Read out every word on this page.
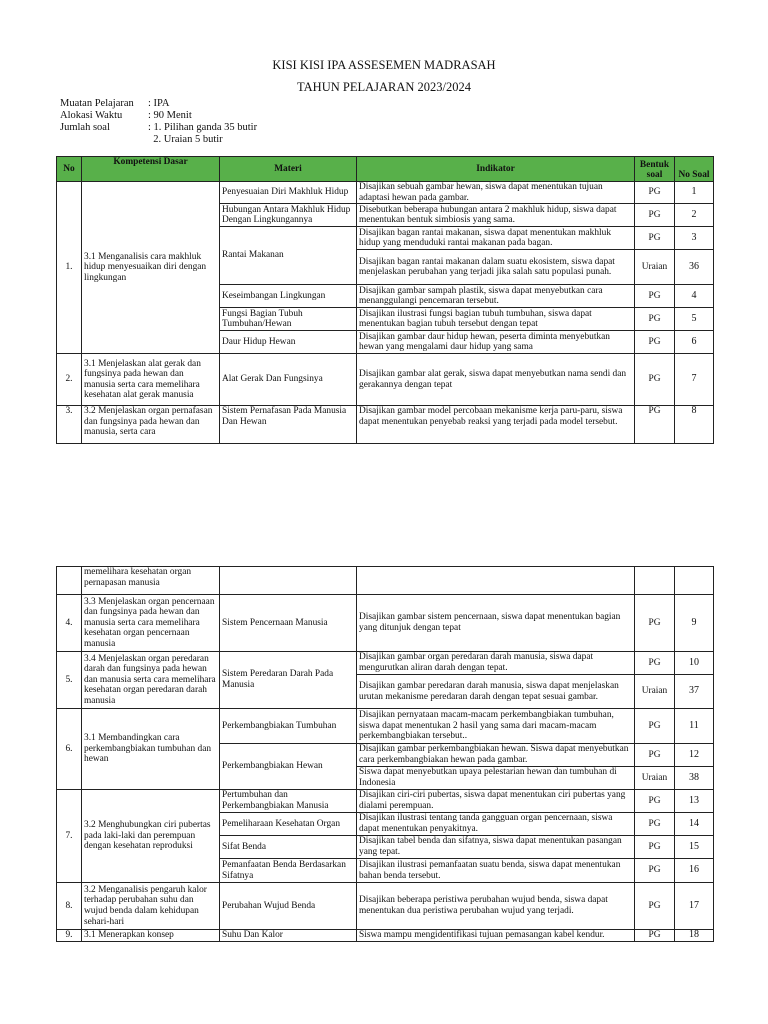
KISI KISI IPA ASSESEMEN MADRASAH
TAHUN PELAJARAN 2023/2024
Muatan Pelajaran	: IPA
Alokasi Waktu	: 90 Menit
Jumlah soal	: 1. Pilihan ganda 35 butir
2. Uraian 5 butir
No	Kompetensi Dasar	Materi	Indikator	Bentuk soal	No Soal
1.	3.1 Menganalisis cara makhluk hidup menyesuaikan diri dengan lingkungan	Penyesuaian Diri Makhluk Hidup	Disajikan sebuah gambar hewan, siswa dapat menentukan tujuan adaptasi hewan pada gambar.	PG	1
		Hubungan Antara Makhluk Hidup Dengan Lingkungannya	Disebutkan beberapa hubungan antara 2 makhluk hidup, siswa dapat menentukan bentuk simbiosis yang sama.	PG	2
		Rantai Makanan	Disajikan bagan rantai makanan, siswa dapat menentukan makhluk hidup yang menduduki rantai makanan pada bagan.	PG	3
			Disajikan bagan rantai makanan dalam suatu ekosistem, siswa dapat menjelaskan perubahan yang terjadi jika salah satu populasi punah.	Uraian	36
		Keseimbangan Lingkungan	Disajikan gambar sampah plastik, siswa dapat menyebutkan cara menanggulangi pencemaran tersebut.	PG	4
		Fungsi Bagian Tubuh Tumbuhan/Hewan	Disajikan ilustrasi fungsi bagian tubuh tumbuhan, siswa dapat menentukan bagian tubuh tersebut dengan tepat	PG	5
		Daur Hidup Hewan	Disajikan gambar daur hidup hewan, peserta diminta menyebutkan hewan yang mengalami daur hidup yang sama	PG	6
2.	3.1 Menjelaskan alat gerak dan fungsinya pada hewan dan manusia serta cara memelihara kesehatan alat gerak manusia	Alat Gerak Dan Fungsinya	Disajikan gambar alat gerak, siswa dapat menyebutkan nama sendi dan gerakannya dengan tepat	PG	7
3.	3.2 Menjelaskan organ pernafasan dan fungsinya pada hewan dan manusia, serta cara	Sistem Pernafasan Pada Manusia Dan Hewan	Disajikan gambar model percobaan mekanisme kerja paru-paru, siswa dapat menentukan penyebab reaksi yang terjadi pada model tersebut.	PG	8
	memelihara kesehatan organ pernapasan manusia				
4.	3.3 Menjelaskan organ pencernaan dan fungsinya pada hewan dan manusia serta cara memelihara kesehatan organ pencernaan manusia	Sistem Pencernaan Manusia	Disajikan gambar sistem pencernaan, siswa dapat menentukan bagian yang ditunjuk dengan tepat	PG	9
5.	3.4 Menjelaskan organ peredaran darah dan fungsinya pada hewan dan manusia serta cara memelihara kesehatan organ peredaran darah manusia	Sistem Peredaran Darah Pada Manusia	Disajikan gambar organ peredaran darah manusia, siswa dapat mengurutkan aliran darah dengan tepat.	PG	10
			Disajikan gambar peredaran darah manusia, siswa dapat menjelaskan urutan mekanisme peredaran darah dengan tepat sesuai gambar.	Uraian	37
6.	3.1 Membandingkan cara perkembangbiakan tumbuhan dan hewan	Perkembangbiakan Tumbuhan	Disajikan pernyataan macam-macam perkembangbiakan tumbuhan, siswa dapat menentukan 2 hasil yang sama dari macam-macam perkembangbiakan tersebut..	PG	11
		Perkembangbiakan Hewan	Disajikan gambar perkembangbiakan hewan. Siswa dapat menyebutkan cara perkembangbiakan hewan pada gambar.	PG	12
			Siswa dapat menyebutkan upaya pelestarian hewan dan tumbuhan di Indonesia	Uraian	38
7.	3.2 Menghubungkan ciri pubertas pada laki-laki dan perempuan dengan kesehatan reproduksi	Pertumbuhan dan Perkembangbiakan Manusia	Disajikan ciri-ciri pubertas, siswa dapat menentukan ciri pubertas yang dialami perempuan.	PG	13
		Pemeliharaan Kesehatan Organ	Disajikan ilustrasi tentang tanda gangguan organ pencernaan, siswa dapat menentukan penyakitnya.	PG	14
		Sifat Benda	Disajikan tabel benda dan sifatnya, siswa dapat menentukan pasangan yang tepat.	PG	15
		Pemanfaatan Benda Berdasarkan Sifatnya	Disajikan ilustrasi pemanfaatan suatu benda, siswa dapat menentukan bahan benda tersebut.	PG	16
8.	3.2 Menganalisis pengaruh kalor terhadap perubahan suhu dan wujud benda dalam kehidupan sehari-hari	Perubahan Wujud Benda	Disajikan beberapa peristiwa perubahan wujud benda, siswa dapat menentukan dua peristiwa perubahan wujud yang terjadi.	PG	17
9.	3.1 Menerapkan konsep	Suhu Dan Kalor	Siswa mampu mengidentifikasi tujuan pemasangan kabel kendur.	PG	18
